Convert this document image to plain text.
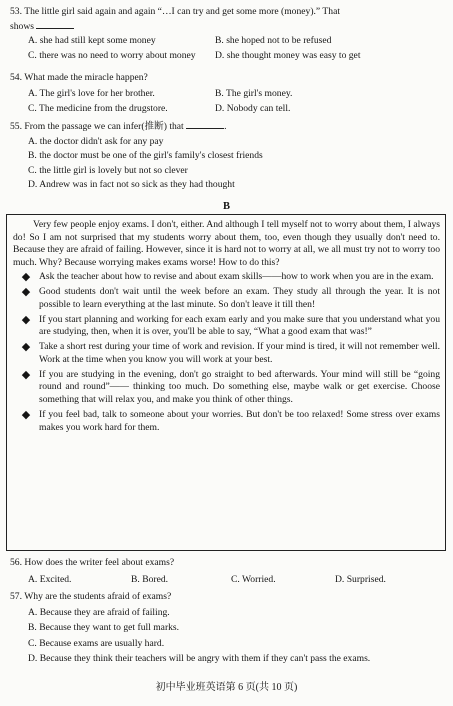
53. The little girl said again and again “…I can try and get some more (money).” That
shows
A. she had still kept some money	B. she hoped not to be refused
C. there was no need to worry about money	D. she thought money was easy to get
54. What made the miracle happen?
A. The girl's love for her brother.	B. The girl's money.
C. The medicine from the drugstore.	D. Nobody can tell.
55. From the passage we can infer(推断) that	.
A. the doctor didn't ask for any pay
B. the doctor must be one of the girl's family's closest friends
C. the little girl is lovely but not so clever
D. Andrew was in fact not so sick as they had thought
B

Very few people enjoy exams. I don't, either. And although I tell myself not to worry about them, I always do! So I am not surprised that my students worry about them, too, even though they usually don't need to. Because they are afraid of failing. However, since it is hard not to worry at all, we all must try not to worry too much. Why? Because worrying makes exams worse! How to do this?

◆ Ask the teacher about how to revise and about exam skills——how to work when you are in the exam.
◆ Good students don't wait until the week before an exam. They study all through the year. It is not possible to learn everything at the last minute. So don't leave it till then!
◆ If you start planning and working for each exam early and you make sure that you understand what you are studying, then, when it is over, you'll be able to say, “What a good exam that was!”
◆ Take a short rest during your time of work and revision. If your mind is tired, it will not remember well. Work at the time when you know you will work at your best.
◆ If you are studying in the evening, don't go straight to bed afterwards. Your mind will still be “going round and round”—— thinking too much. Do something else, maybe walk or get exercise. Choose something that will relax you, and make you think of other things.
◆ If you feel bad, talk to someone about your worries. But don't be too relaxed! Some stress over exams makes you work hard for them.
56. How does the writer feel about exams?
A. Excited.	B. Bored.	C. Worried.	D. Surprised.
57. Why are the students afraid of exams?
A. Because they are afraid of failing.
B. Because they want to get full marks.
C. Because exams are usually hard.
D. Because they think their teachers will be angry with them if they can't pass the exams.
初中毕业班英语第 6 页(共 10 页)
